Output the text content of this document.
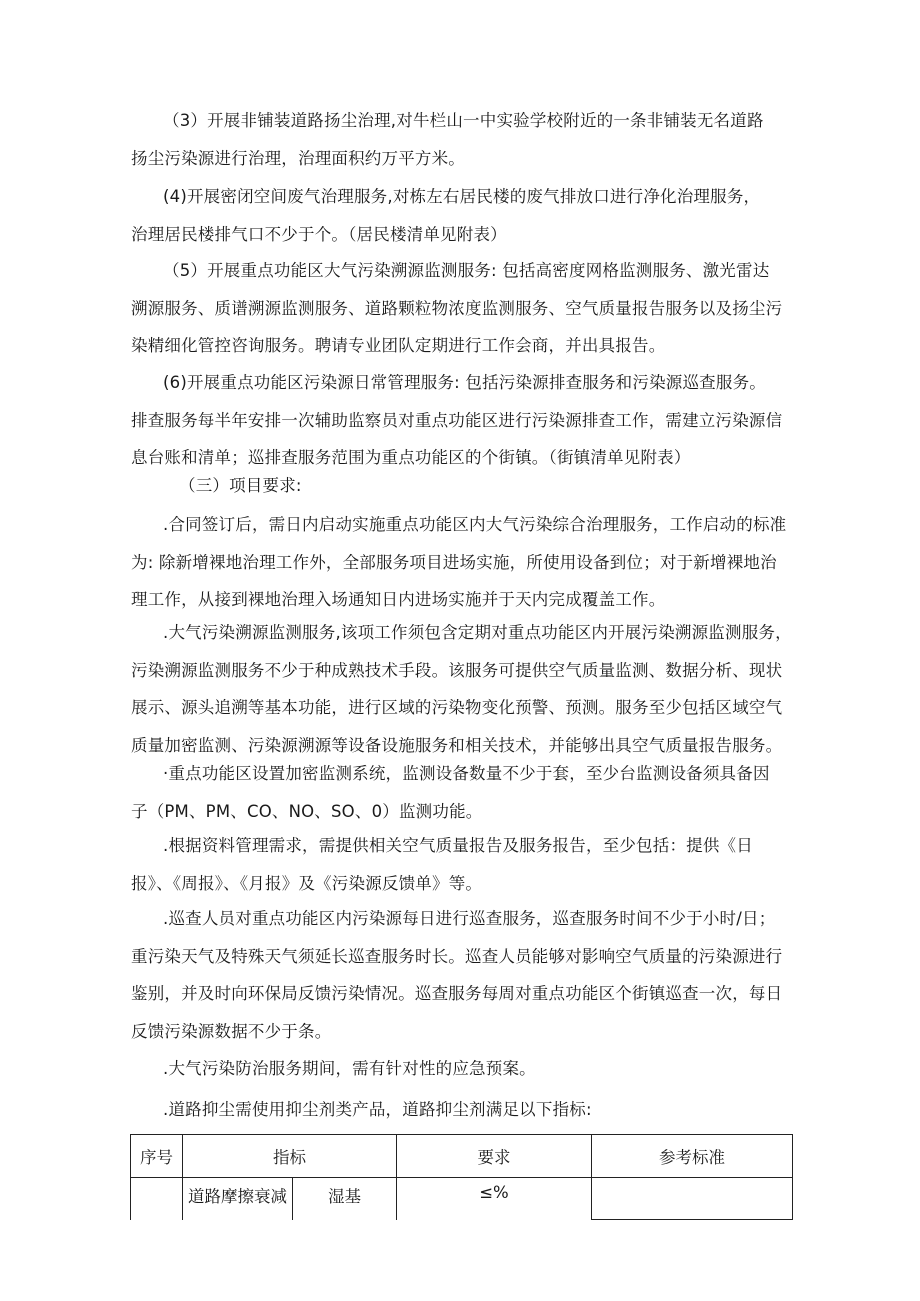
（3）开展非铺装道路扬尘治理,对牛栏山一中实验学校附近的一条非铺装无名道路
扬尘污染源进行治理，治理面积约万平方米。
(4)开展密闭空间废气治理服务,对栋左右居民楼的废气排放口进行净化治理服务，
治理居民楼排气口不少于个。（居民楼清单见附表）
（5）开展重点功能区大气污染溯源监测服务: 包括高密度网格监测服务、激光雷达
溯源服务、质谱溯源监测服务、道路颗粒物浓度监测服务、空气质量报告服务以及扬尘污
染精细化管控咨询服务。聘请专业团队定期进行工作会商，并出具报告。
(6)开展重点功能区污染源日常管理服务: 包括污染源排查服务和污染源巡查服务。
排查服务每半年安排一次辅助监察员对重点功能区进行污染源排查工作，需建立污染源信
息台账和清单；巡排查服务范围为重点功能区的个街镇。（街镇清单见附表）
（三）项目要求:
.合同签订后，需日内启动实施重点功能区内大气污染综合治理服务，工作启动的标准
为: 除新增裸地治理工作外，全部服务项目进场实施，所使用设备到位；对于新增裸地治
理工作，从接到裸地治理入场通知日内进场实施并于天内完成覆盖工作。
.大气污染溯源监测服务,该项工作须包含定期对重点功能区内开展污染溯源监测服务，
污染溯源监测服务不少于种成熟技术手段。该服务可提供空气质量监测、数据分析、现状
展示、源头追溯等基本功能，进行区域的污染物变化预警、预测。服务至少包括区域空气
质量加密监测、污染源溯源等设备设施服务和相关技术，并能够出具空气质量报告服务。
·重点功能区设置加密监测系统，监测设备数量不少于套，至少台监测设备须具备因
子（PM、PM、CO、NO、SO、0）监测功能。
.根据资料管理需求，需提供相关空气质量报告及服务报告，至少包括：提供《日
报》、《周报》、《月报》及《污染源反馈单》等。
.巡查人员对重点功能区内污染源每日进行巡查服务，巡查服务时间不少于小时/日；
重污染天气及特殊天气须延长巡查服务时长。巡查人员能够对影响空气质量的污染源进行
鉴别，并及时向环保局反馈污染情况。巡查服务每周对重点功能区个街镇巡查一次，每日
反馈污染源数据不少于条。
.大气污染防治服务期间，需有针对性的应急预案。
.道路抑尘需使用抑尘剂类产品，道路抑尘剂满足以下指标:
序号	指标		要求	参考标准
	道路摩擦衰减	湿基	≤%	
